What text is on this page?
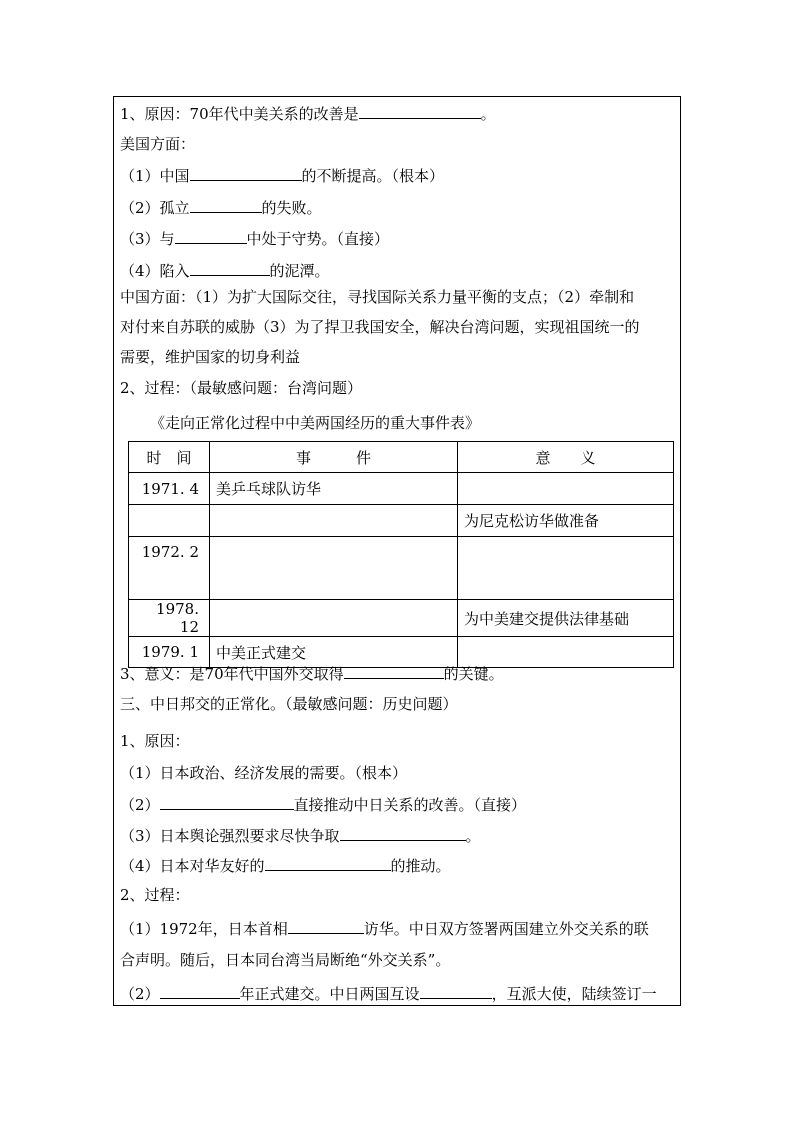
1、原因：70年代中美关系的改善是	。
美国方面：
（1）中国	的不断提高。（根本）
（2）孤立	的失败。
（3）与	中处于守势。（直接）
（4）陷入	的泥潭。
中国方面：（1）为扩大国际交往，寻找国际关系力量平衡的支点；（2）牵制和
对付来自苏联的威胁（3）为了捍卫我国安全，解决台湾问题，实现祖国统一的
需要，维护国家的切身利益
2、过程：（最敏感问题：台湾问题）
《走向正常化过程中中美两国经历的重大事件表》
时　间	事　　　件	意　　义
1971. 4	美乒乓球队访华	
		为尼克松访华做准备
1972. 2		
1978. 12		为中美建交提供法律基础
1979. 1	中美正式建交	
3、意义：是70年代中国外交取得	的关键。
三、中日邦交的正常化。（最敏感问题：历史问题）
1、原因：
（1）日本政治、经济发展的需要。（根本）
（2）	直接推动中日关系的改善。（直接）
（3）日本舆论强烈要求尽快争取	。
（4）日本对华友好的	的推动。
2、过程：
（1）1972年，日本首相	访华。中日双方签署两国建立外交关系的联
合声明。随后，日本同台湾当局断绝“外交关系”。
（2）	年正式建交。中日两国互设	，互派大使，陆续签订一
